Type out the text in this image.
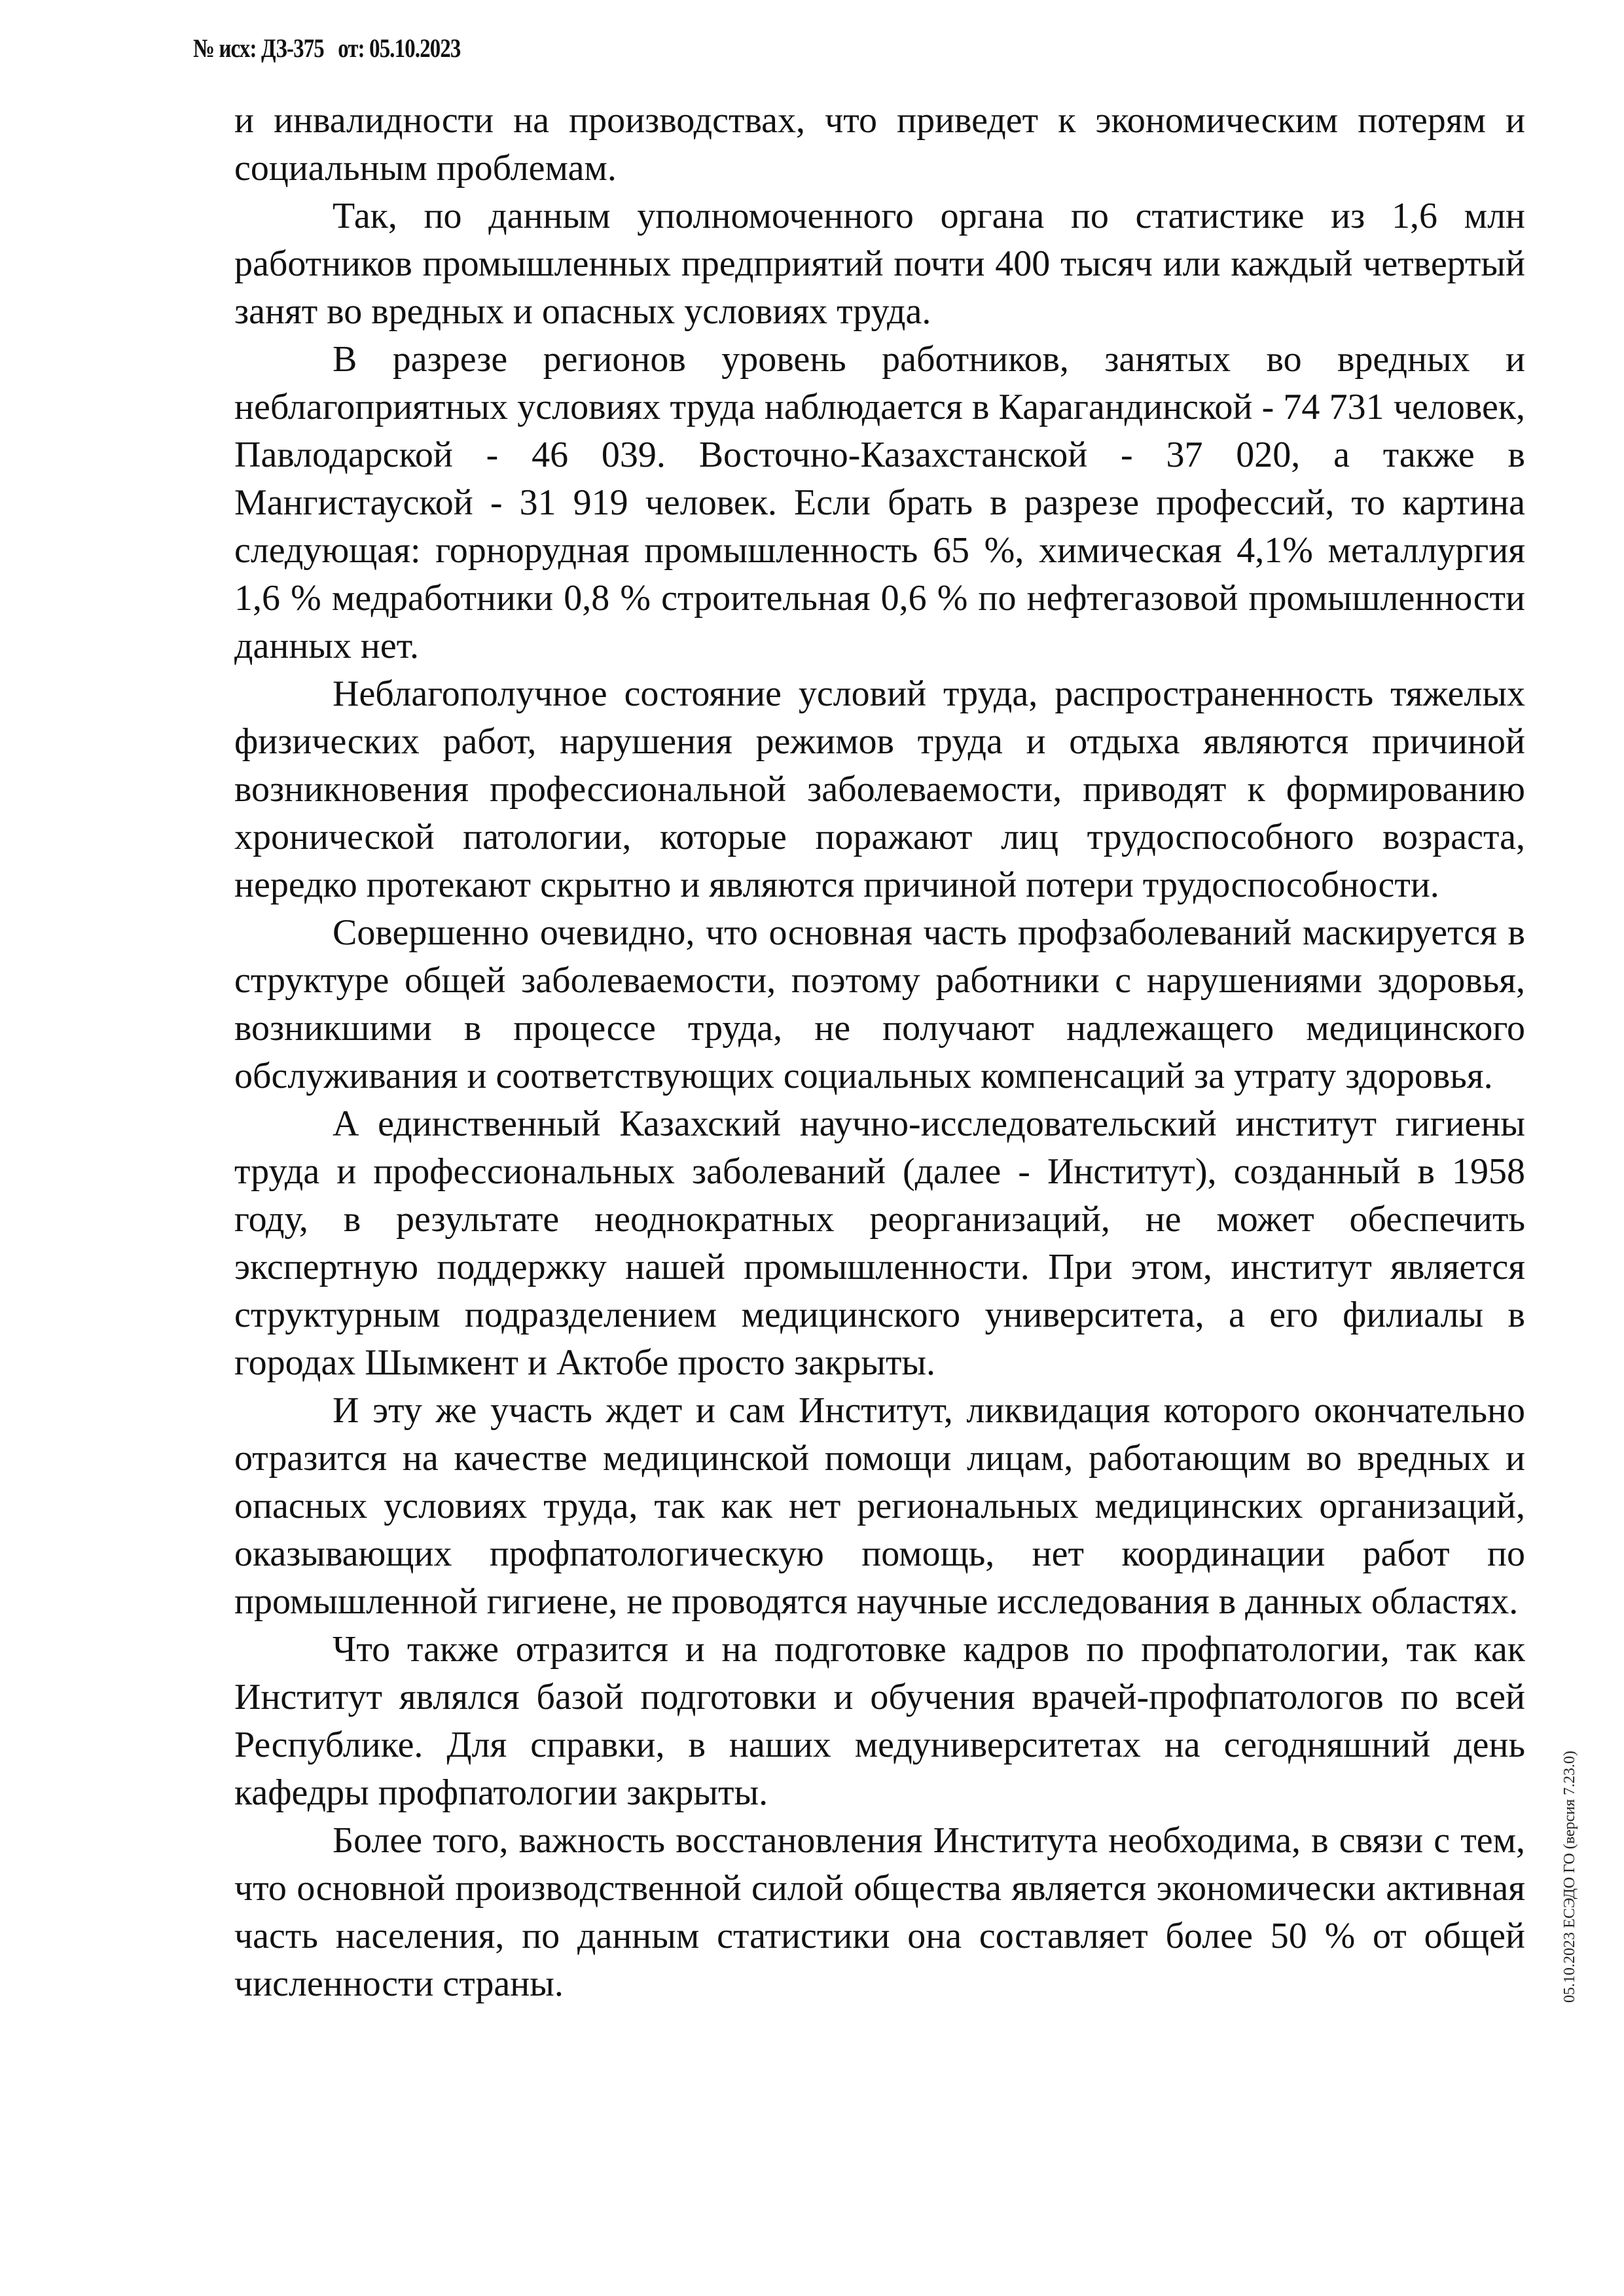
№ исх: ДЗ-375 от: 05.10.2023

и инвалидности на производствах, что приведет к экономическим потерям и социальным проблемам.

Так, по данным уполномоченного органа по статистике из 1,6 млн работников промышленных предприятий почти 400 тысяч или каждый четвертый занят во вредных и опасных условиях труда.

В разрезе регионов уровень работников, занятых во вредных и неблагоприятных условиях труда наблюдается в Карагандинской - 74 731 человек, Павлодарской - 46 039. Восточно-Казахстанской - 37 020, а также в Мангистауской - 31 919 человек. Если брать в разрезе профессий, то картина следующая: горнорудная промышленность 65 %, химическая 4,1% металлургия 1,6 % медработники 0,8 % строительная 0,6 % по нефтегазовой промышленности данных нет.

Неблагополучное состояние условий труда, распространенность тяжелых физических работ, нарушения режимов труда и отдыха являются причиной возникновения профессиональной заболеваемости, приводят к формированию хронической патологии, которые поражают лиц трудоспособного возраста, нередко протекают скрытно и являются причиной потери трудоспособности.

Совершенно очевидно, что основная часть профзаболеваний маскируется в структуре общей заболеваемости, поэтому работники с нарушениями здоровья, возникшими в процессе труда, не получают надлежащего медицинского обслуживания и соответствующих социальных компенсаций за утрату здоровья.

А единственный Казахский научно-исследовательский институт гигиены труда и профессиональных заболеваний (далее - Институт), созданный в 1958 году, в результате неоднократных реорганизаций, не может обеспечить экспертную поддержку нашей промышленности. При этом, институт является структурным подразделением медицинского университета, а его филиалы в городах Шымкент и Актобе просто закрыты.

И эту же участь ждет и сам Институт, ликвидация которого окончательно отразится на качестве медицинской помощи лицам, работающим во вредных и опасных условиях труда, так как нет региональных медицинских организаций, оказывающих профпатологическую помощь, нет координации работ по промышленной гигиене, не проводятся научные исследования в данных областях.

Что также отразится и на подготовке кадров по профпатологии, так как Институт являлся базой подготовки и обучения врачей-профпатологов по всей Республике. Для справки, в наших медуниверситетах на сегодняшний день кафедры профпатологии закрыты.

Более того, важность восстановления Института необходима, в связи с тем, что основной производственной силой общества является экономически активная часть населения, по данным статистики она составляет более 50 % от общей численности страны.	05.10.2023 ЕСЭДО ГО (версия 7.23.0)
